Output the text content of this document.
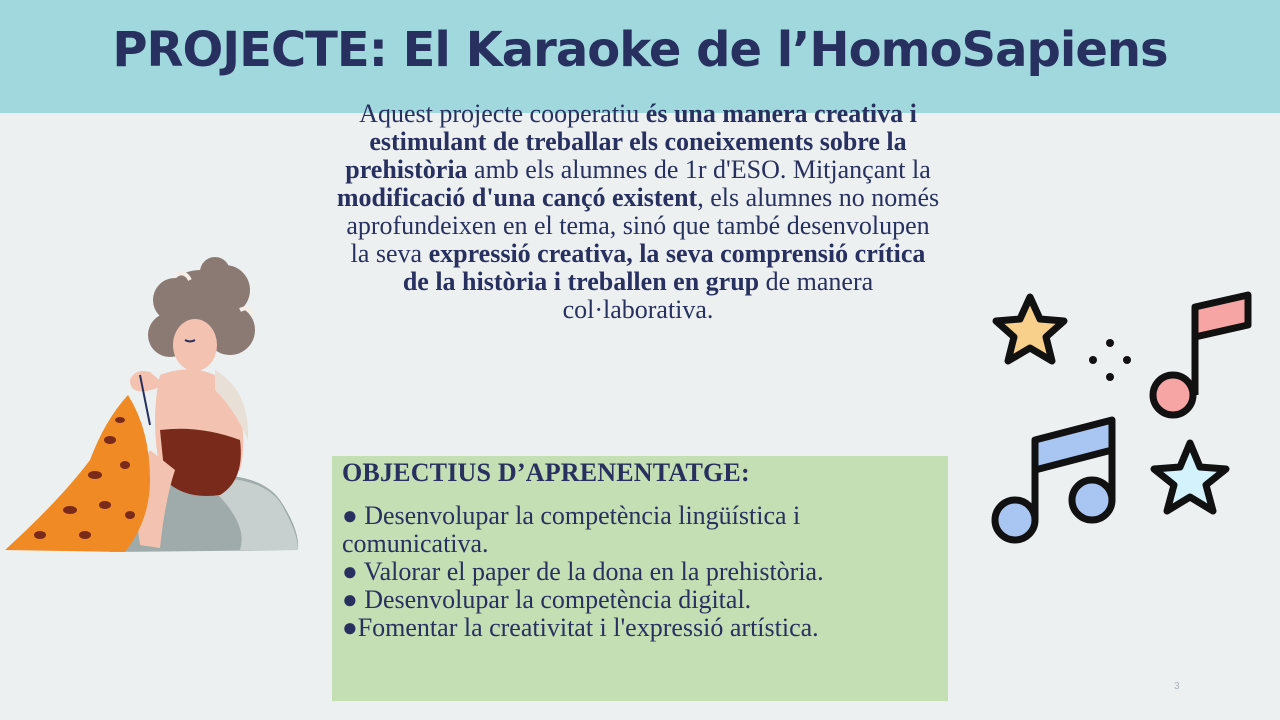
PROJECTE: El Karaoke de l’HomoSapiens

Aquest projecte cooperatiu és una manera creativa i estimulant de treballar els coneixements sobre la prehistòria amb els alumnes de 1r d'ESO. Mitjançant la modificació d'una cançó existent, els alumnes no només aprofundeixen en el tema, sinó que també desenvolupen la seva expressió creativa, la seva comprensió crítica de la història i treballen en grup de manera col·laborativa.

OBJECTIUS D’APRENENTATGE:
● Desenvolupar la competència lingüística i comunicativa.
● Valorar el paper de la dona en la prehistòria.
● Desenvolupar la competència digital.
●Fomentar la creativitat i l'expressió artística.
3
